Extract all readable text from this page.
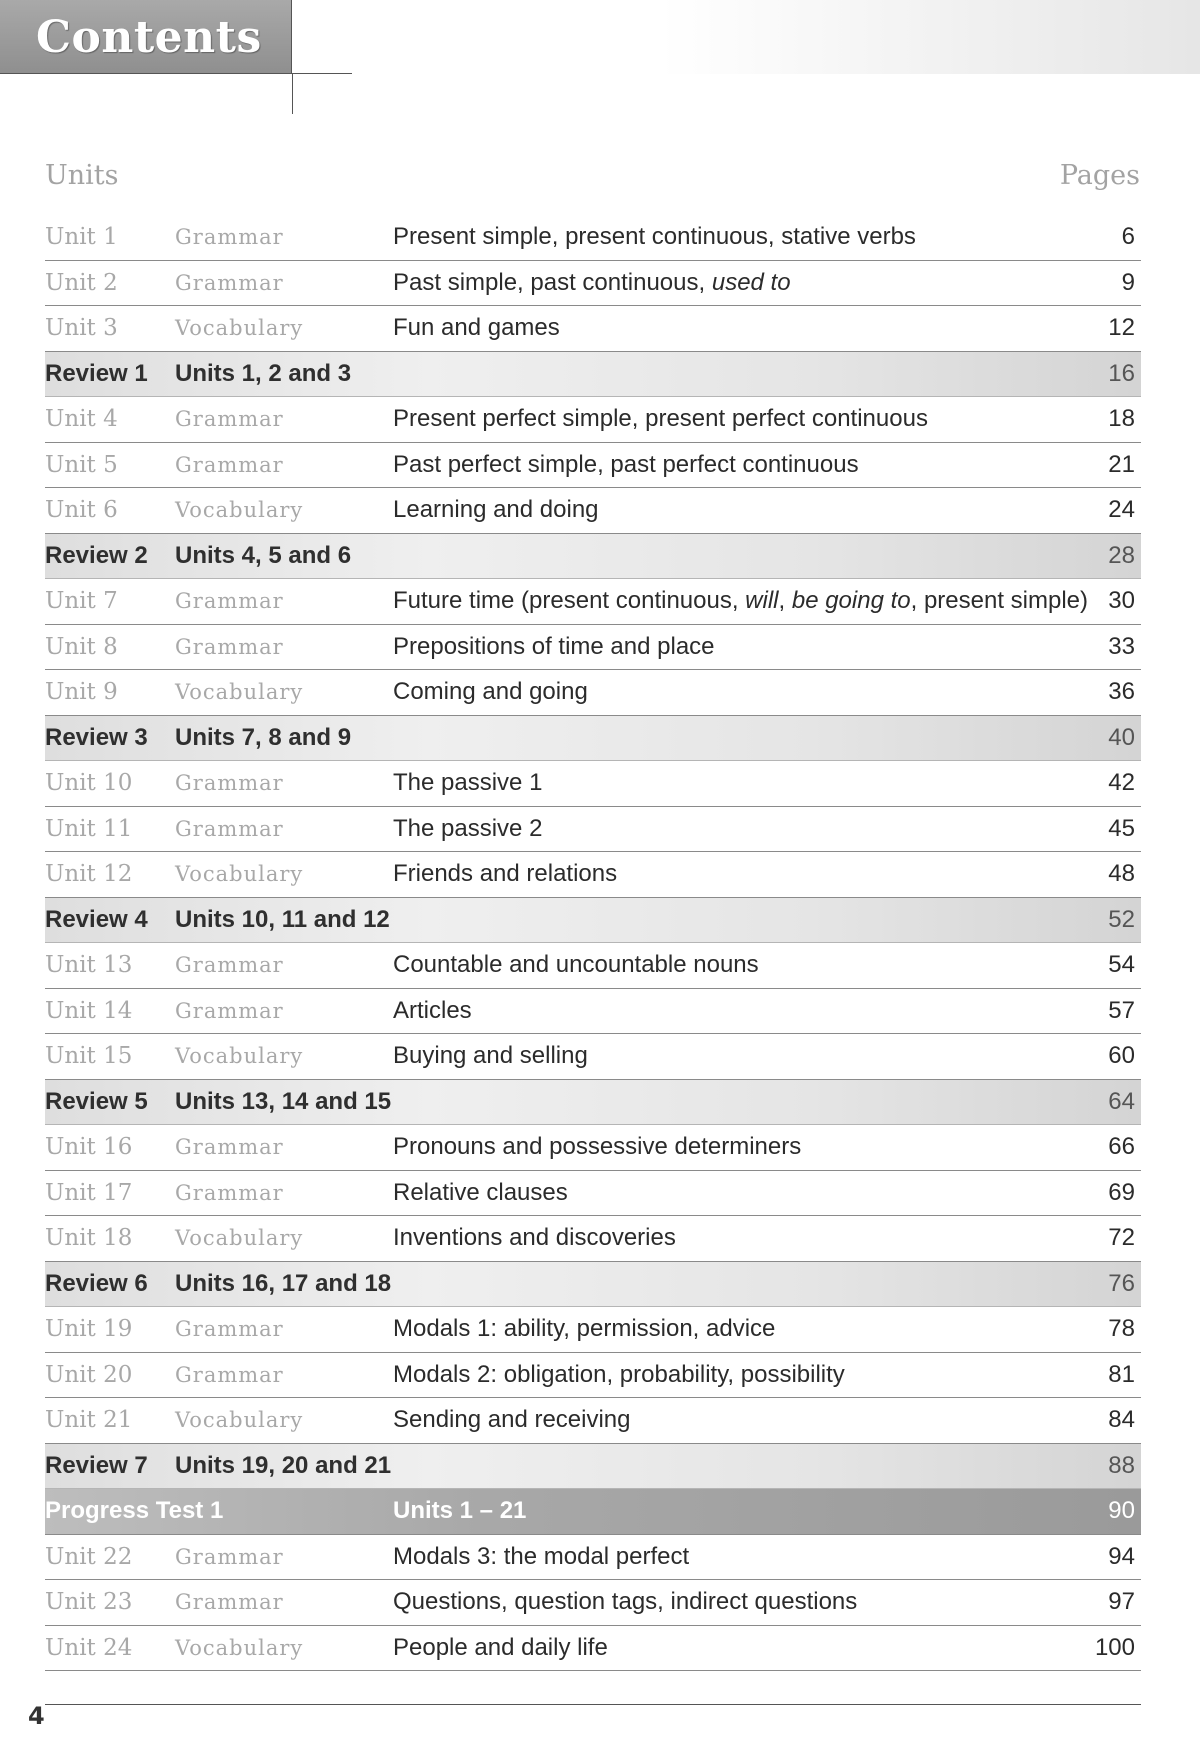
Contents
Units	Pages
Unit 1	Grammar	Present simple, present continuous, stative verbs	6
Unit 2	Grammar	Past simple, past continuous, used to	9
Unit 3	Vocabulary	Fun and games	12
Review 1 Units 1, 2 and 3	16
Unit 4	Grammar	Present perfect simple, present perfect continuous	18
Unit 5	Grammar	Past perfect simple, past perfect continuous	21
Unit 6	Vocabulary	Learning and doing	24
Review 2 Units 4, 5 and 6	28
Unit 7	Grammar	Future time (present continuous, will, be going to, present simple) 30
Unit 8	Grammar	Prepositions of time and place	33
Unit 9	Vocabulary	Coming and going	36
Review 3 Units 7, 8 and 9	40
Unit 10 Grammar	The passive 1	42
Unit 11 Grammar	The passive 2	45
Unit 12 Vocabulary	Friends and relations	48
Review 4 Units 10, 11 and 12	52
Unit 13 Grammar	Countable and uncountable nouns	54
Unit 14 Grammar	Articles	57
Unit 15 Vocabulary	Buying and selling	60
Review 5 Units 13, 14 and 15	64
Unit 16 Grammar	Pronouns and possessive determiners	66
Unit 17 Grammar	Relative clauses	69
Unit 18 Vocabulary	Inventions and discoveries	72
Review 6 Units 16, 17 and 18	76
Unit 19 Grammar	Modals 1: ability, permission, advice	78
Unit 20 Grammar	Modals 2: obligation, probability, possibility	81
Unit 21 Vocabulary	Sending and receiving	84
Review 7 Units 19, 20 and 21	88
Progress Test 1	Units 1 – 21	90
Unit 22 Grammar	Modals 3: the modal perfect	94
Unit 23 Grammar	Questions, question tags, indirect questions	97
Unit 24 Vocabulary	People and daily life	100
4
